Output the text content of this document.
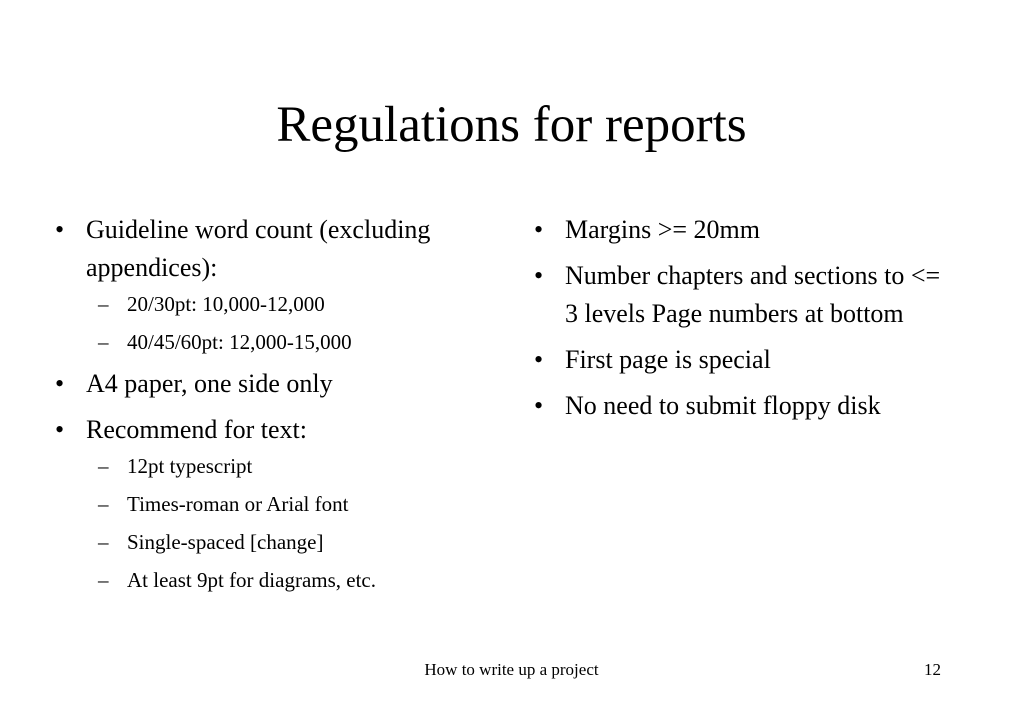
Regulations for reports
• Guideline word count (excluding appendices):
– 20/30pt: 10,000-12,000
– 40/45/60pt: 12,000-15,000
• A4 paper, one side only
• Recommend for text:
– 12pt typescript
– Times-roman or Arial font
– Single-spaced [change]
– At least 9pt for diagrams, etc.
• Margins >= 20mm
• Number chapters and sections to <= 3 levels Page numbers at bottom
• First page is special
• No need to submit floppy disk
How to write up a project	12
